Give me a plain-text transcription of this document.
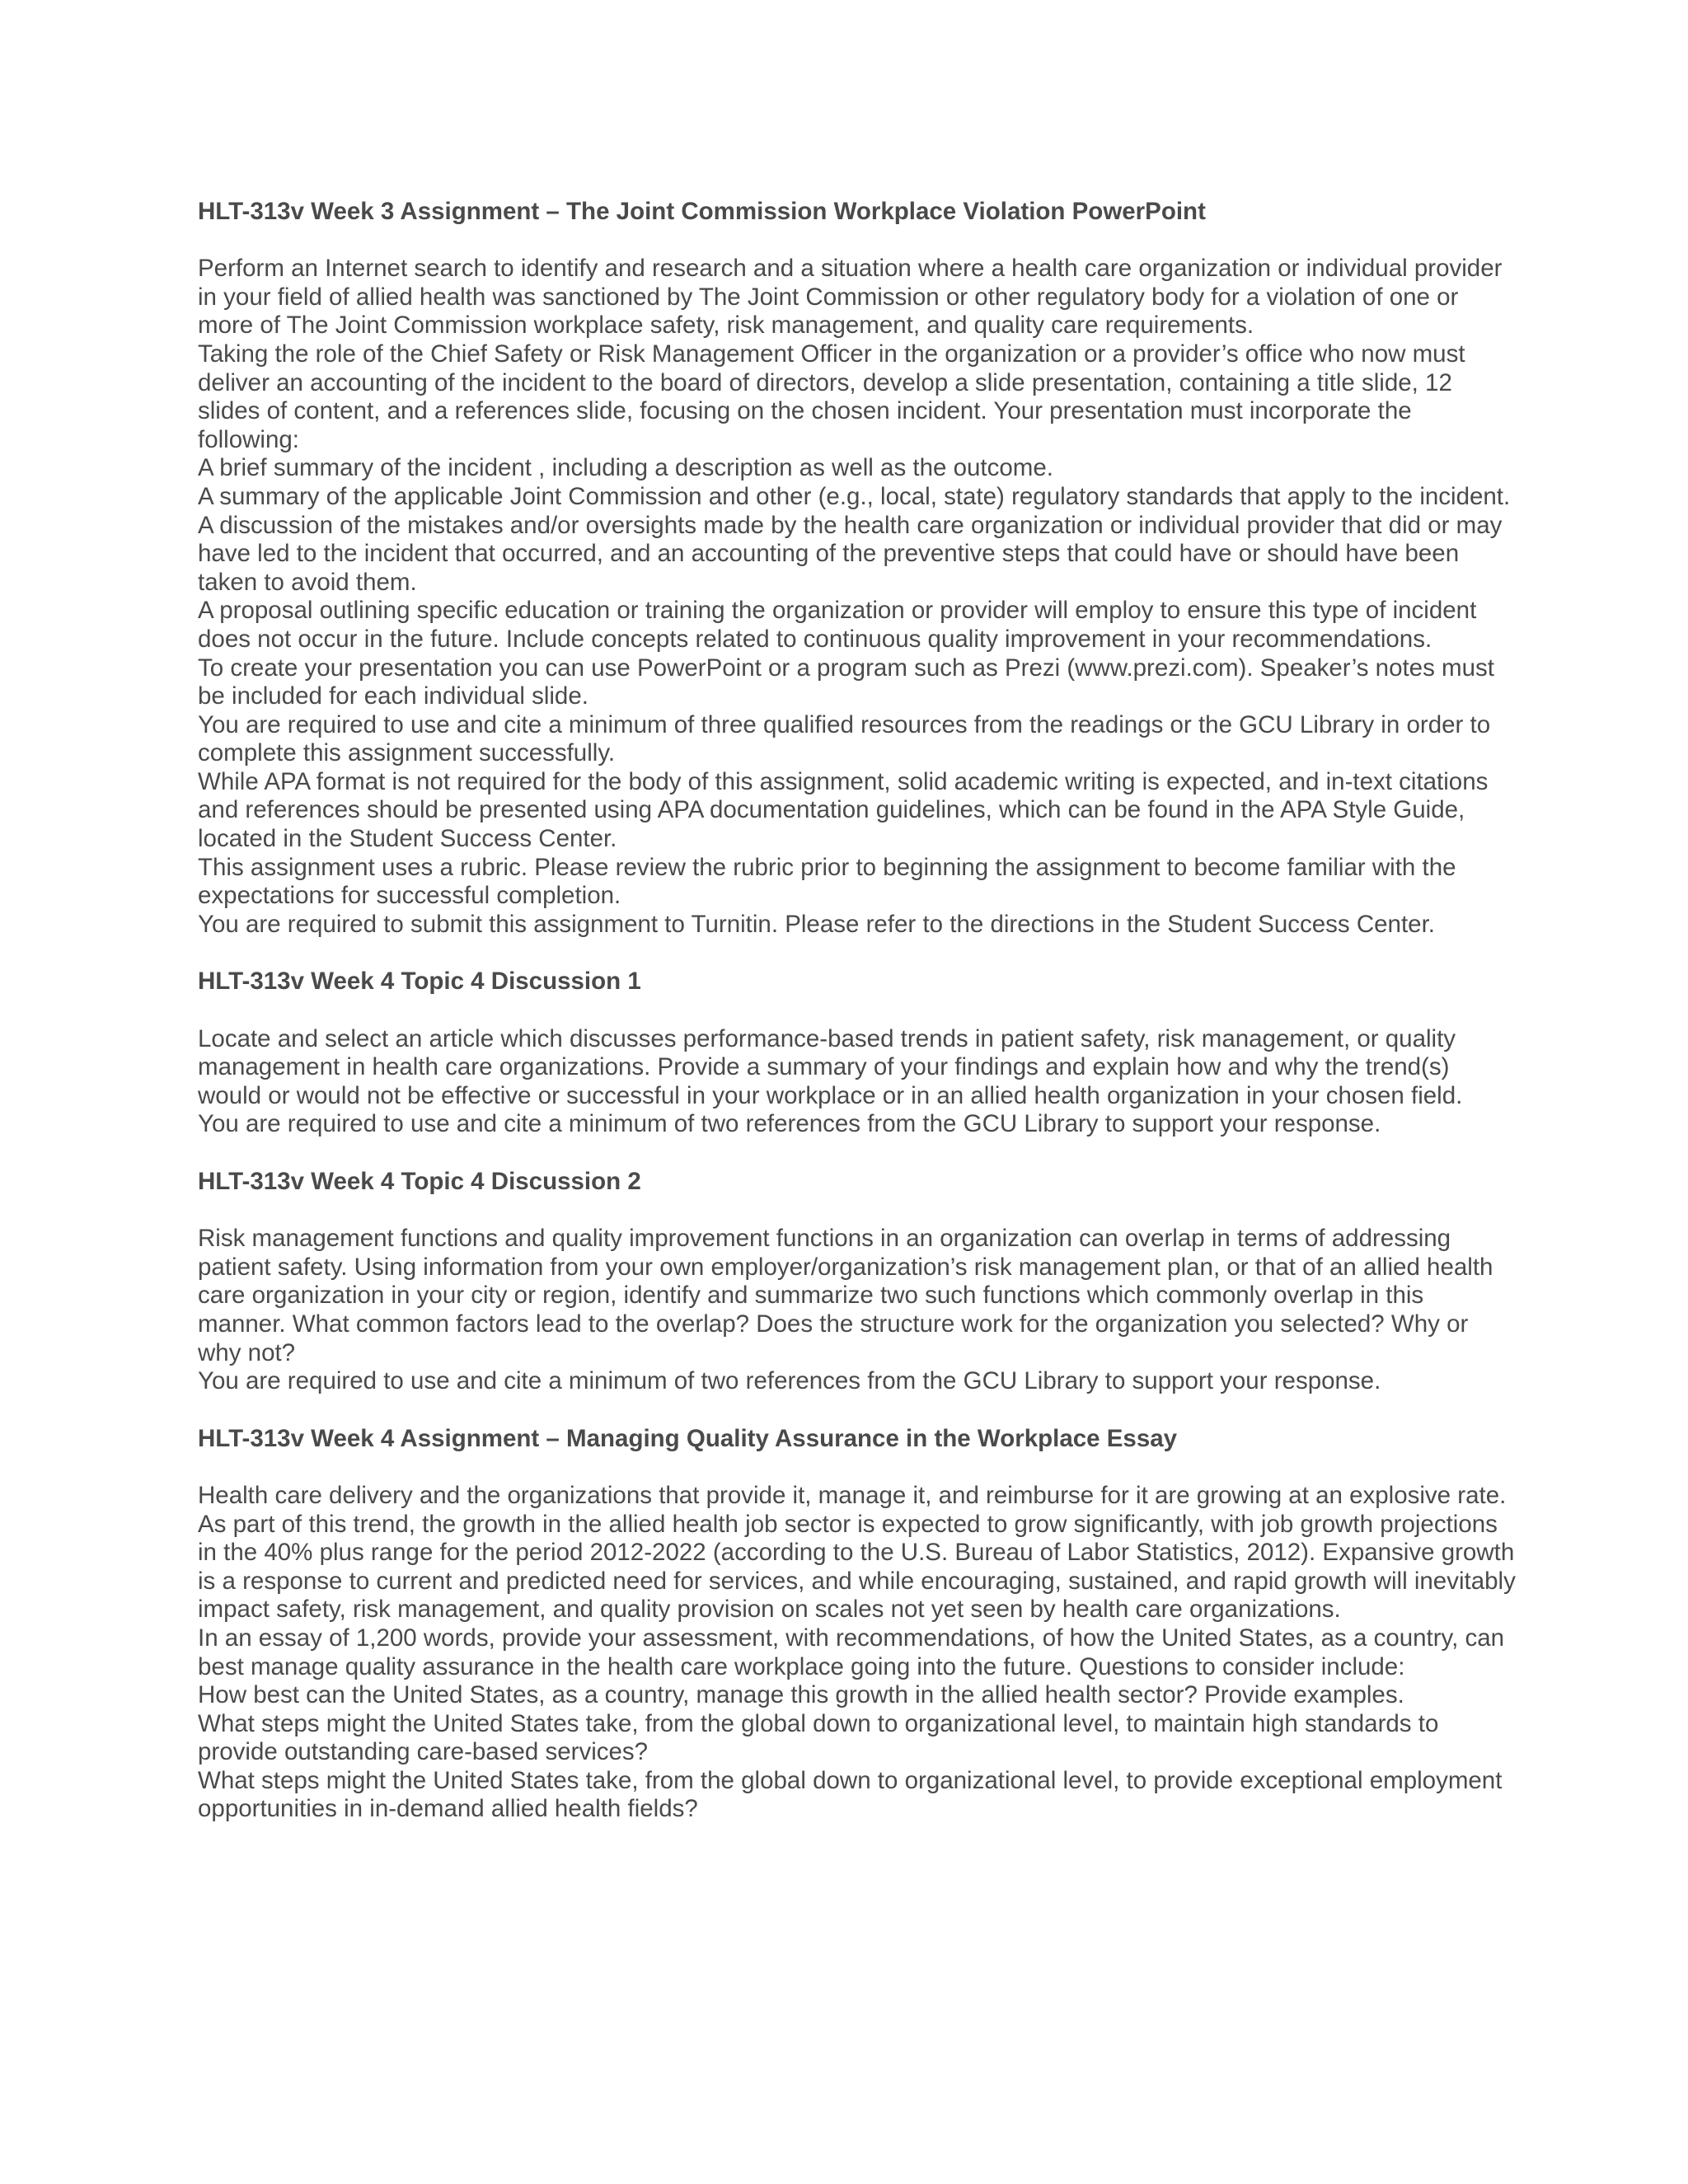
HLT-313v Week 3 Assignment – The Joint Commission Workplace Violation PowerPoint

Perform an Internet search to identify and research and a situation where a health care organization or individual provider in your field of allied health was sanctioned by The Joint Commission or other regulatory body for a violation of one or more of The Joint Commission workplace safety, risk management, and quality care requirements.

Taking the role of the Chief Safety or Risk Management Officer in the organization or a provider’s office who now must deliver an accounting of the incident to the board of directors, develop a slide presentation, containing a title slide, 12 slides of content, and a references slide, focusing on the chosen incident. Your presentation must incorporate the following:

A brief summary of the incident , including a description as well as the outcome.

A summary of the applicable Joint Commission and other (e.g., local, state) regulatory standards that apply to the incident.

A discussion of the mistakes and/or oversights made by the health care organization or individual provider that did or may have led to the incident that occurred, and an accounting of the preventive steps that could have or should have been taken to avoid them.

A proposal outlining specific education or training the organization or provider will employ to ensure this type of incident does not occur in the future. Include concepts related to continuous quality improvement in your recommendations.

To create your presentation you can use PowerPoint or a program such as Prezi (www.prezi.com). Speaker’s notes must be included for each individual slide.

You are required to use and cite a minimum of three qualified resources from the readings or the GCU Library in order to complete this assignment successfully.

While APA format is not required for the body of this assignment, solid academic writing is expected, and in-text citations and references should be presented using APA documentation guidelines, which can be found in the APA Style Guide, located in the Student Success Center.

This assignment uses a rubric. Please review the rubric prior to beginning the assignment to become familiar with the expectations for successful completion.

You are required to submit this assignment to Turnitin. Please refer to the directions in the Student Success Center.

HLT-313v Week 4 Topic 4 Discussion 1

Locate and select an article which discusses performance-based trends in patient safety, risk management, or quality management in health care organizations. Provide a summary of your findings and explain how and why the trend(s) would or would not be effective or successful in your workplace or in an allied health organization in your chosen field.

You are required to use and cite a minimum of two references from the GCU Library to support your response.

HLT-313v Week 4 Topic 4 Discussion 2

Risk management functions and quality improvement functions in an organization can overlap in terms of addressing patient safety. Using information from your own employer/organization’s risk management plan, or that of an allied health care organization in your city or region, identify and summarize two such functions which commonly overlap in this manner. What common factors lead to the overlap? Does the structure work for the organization you selected? Why or why not?

You are required to use and cite a minimum of two references from the GCU Library to support your response.

HLT-313v Week 4 Assignment – Managing Quality Assurance in the Workplace Essay

Health care delivery and the organizations that provide it, manage it, and reimburse for it are growing at an explosive rate. As part of this trend, the growth in the allied health job sector is expected to grow significantly, with job growth projections in the 40% plus range for the period 2012-2022 (according to the U.S. Bureau of Labor Statistics, 2012). Expansive growth is a response to current and predicted need for services, and while encouraging, sustained, and rapid growth will inevitably impact safety, risk management, and quality provision on scales not yet seen by health care organizations.

In an essay of 1,200 words, provide your assessment, with recommendations, of how the United States, as a country, can best manage quality assurance in the health care workplace going into the future. Questions to consider include:

How best can the United States, as a country, manage this growth in the allied health sector? Provide examples.

What steps might the United States take, from the global down to organizational level, to maintain high standards to provide outstanding care-based services?

What steps might the United States take, from the global down to organizational level, to provide exceptional employment opportunities in in-demand allied health fields?
